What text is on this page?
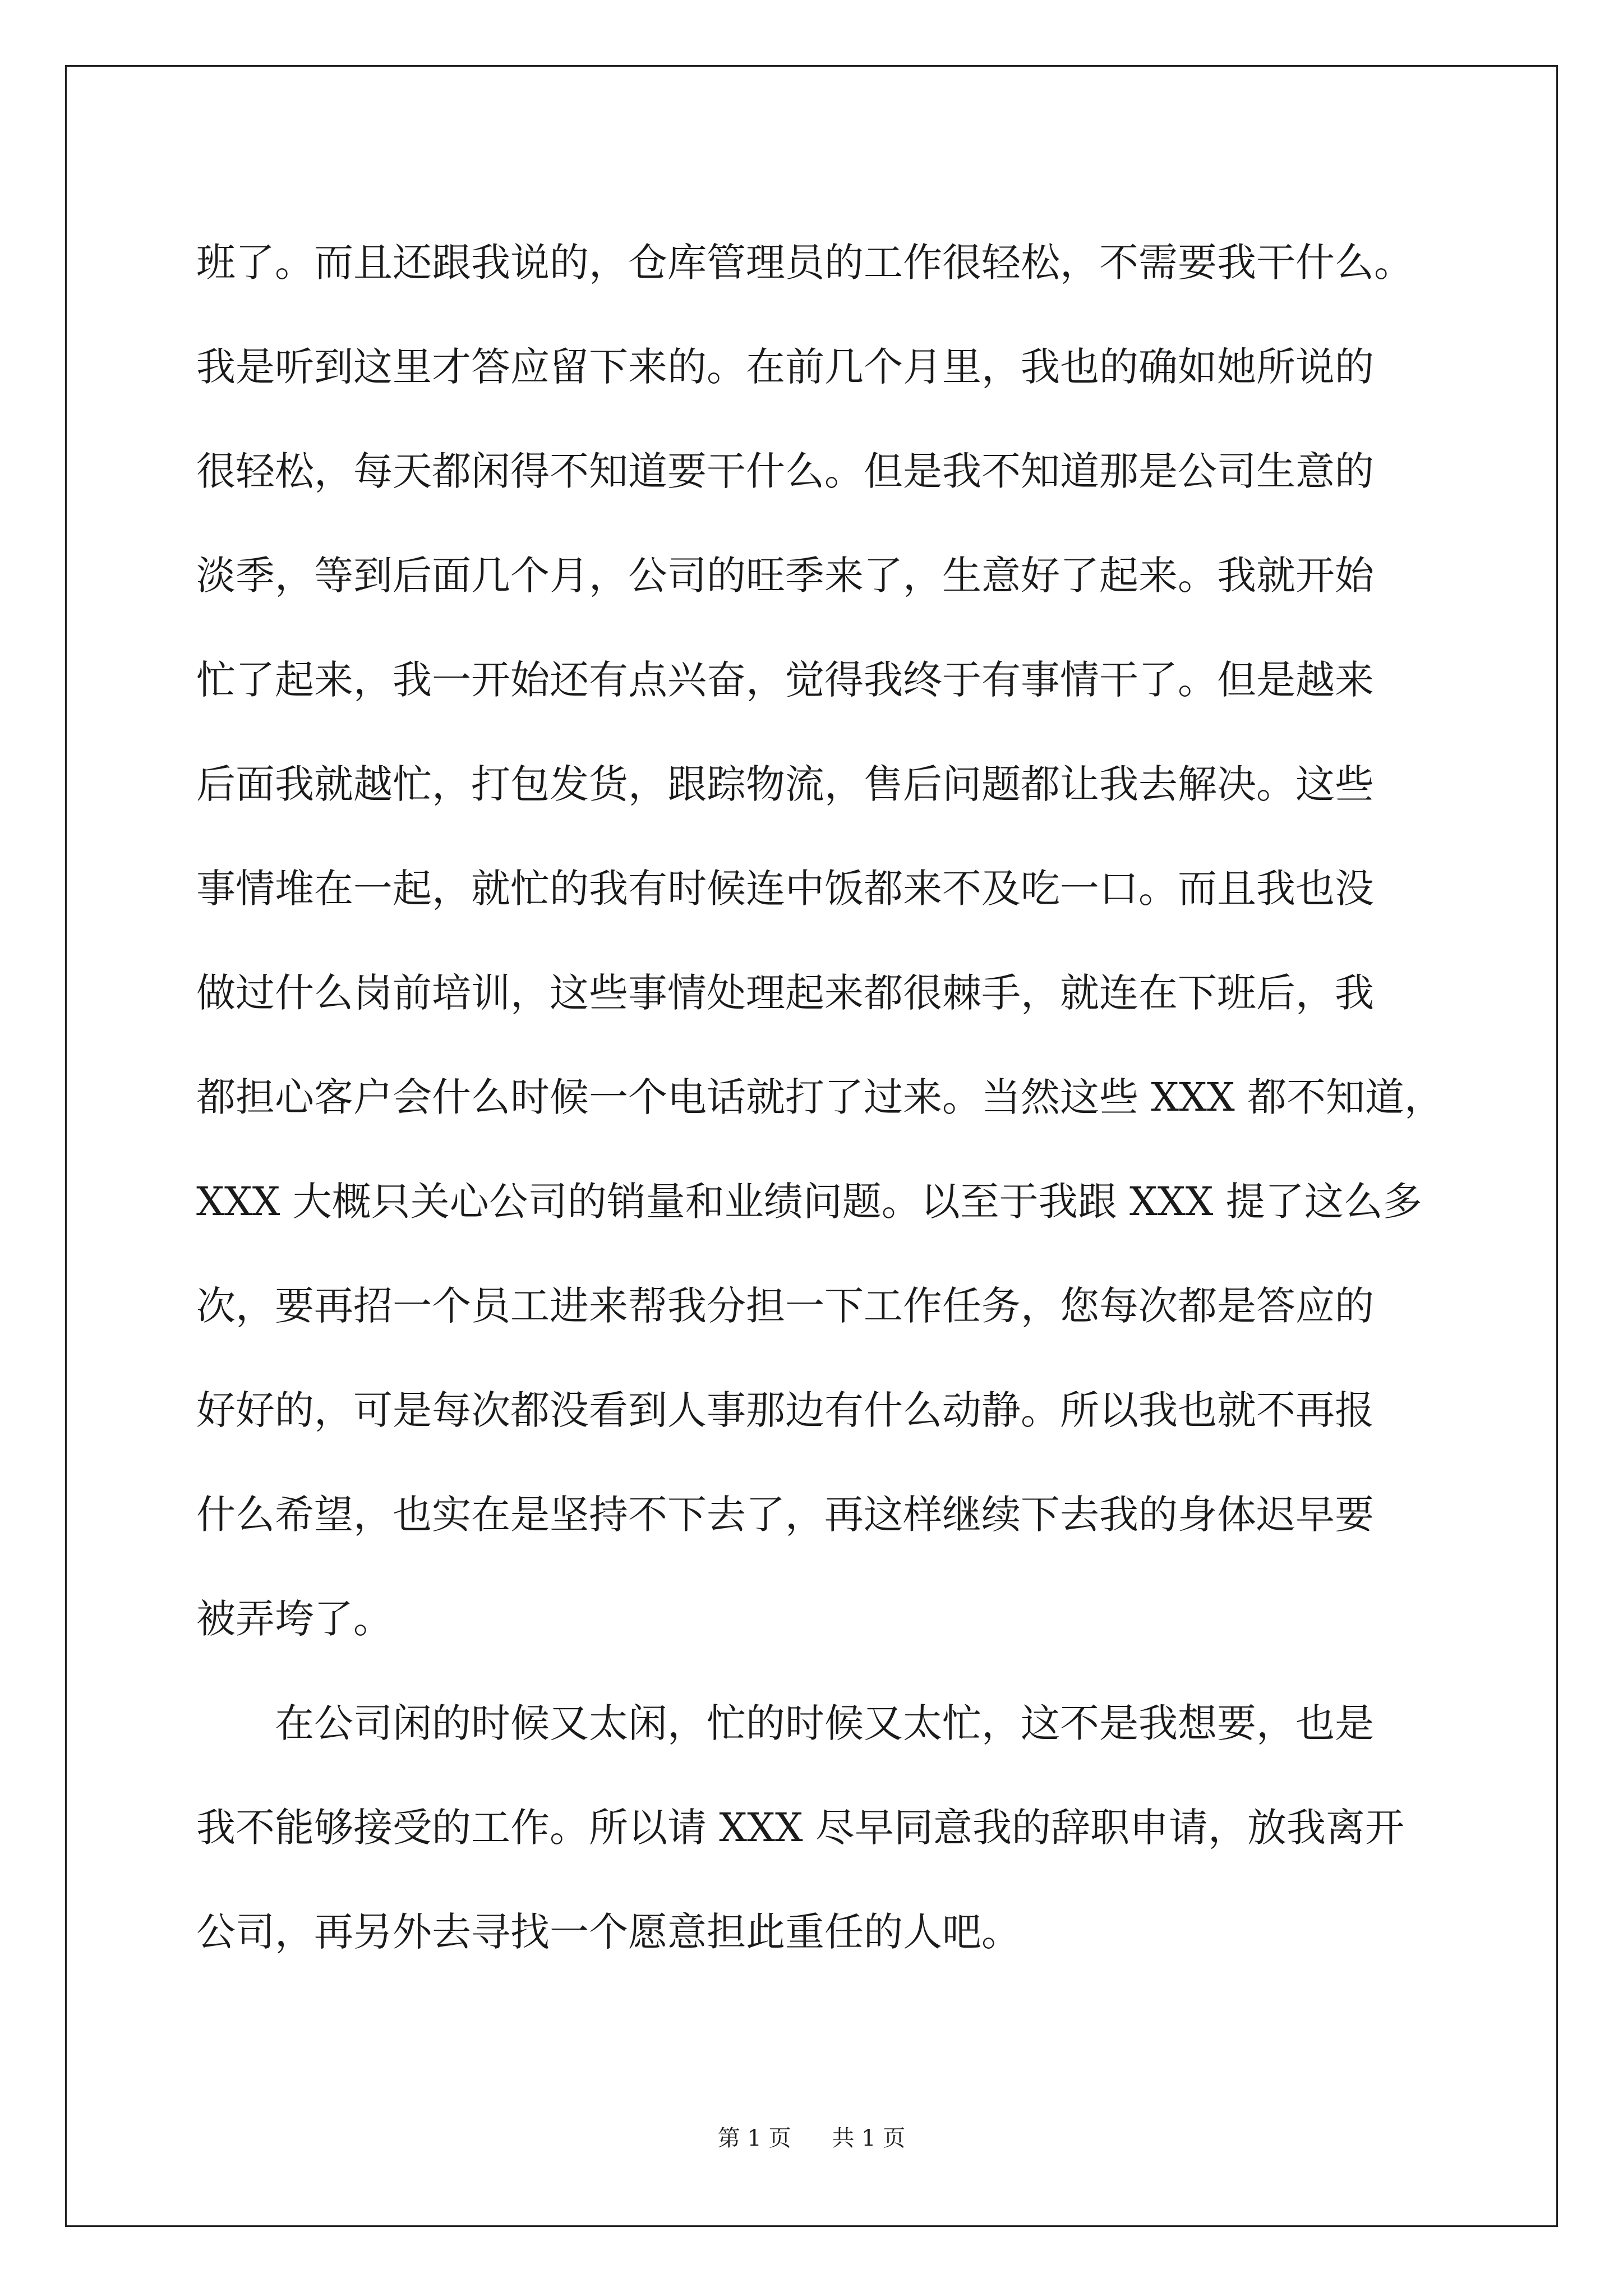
班了。而且还跟我说的，仓库管理员的工作很轻松，不需要我干什么。
我是听到这里才答应留下来的。在前几个月里，我也的确如她所说的
很轻松，每天都闲得不知道要干什么。但是我不知道那是公司生意的
淡季，等到后面几个月，公司的旺季来了，生意好了起来。我就开始
忙了起来，我一开始还有点兴奋，觉得我终于有事情干了。但是越来
后面我就越忙，打包发货，跟踪物流，售后问题都让我去解决。这些
事情堆在一起，就忙的我有时候连中饭都来不及吃一口。而且我也没
做过什么岗前培训，这些事情处理起来都很棘手，就连在下班后，我
都担心客户会什么时候一个电话就打了过来。当然这些 XXX 都不知道，
XXX 大概只关心公司的销量和业绩问题。以至于我跟 XXX 提了这么多
次，要再招一个员工进来帮我分担一下工作任务，您每次都是答应的
好好的，可是每次都没看到人事那边有什么动静。所以我也就不再报
什么希望，也实在是坚持不下去了，再这样继续下去我的身体迟早要
被弄垮了。
　　在公司闲的时候又太闲，忙的时候又太忙，这不是我想要，也是
我不能够接受的工作。所以请 XXX 尽早同意我的辞职申请，放我离开
公司，再另外去寻找一个愿意担此重任的人吧。
第 1 页 共 1 页
